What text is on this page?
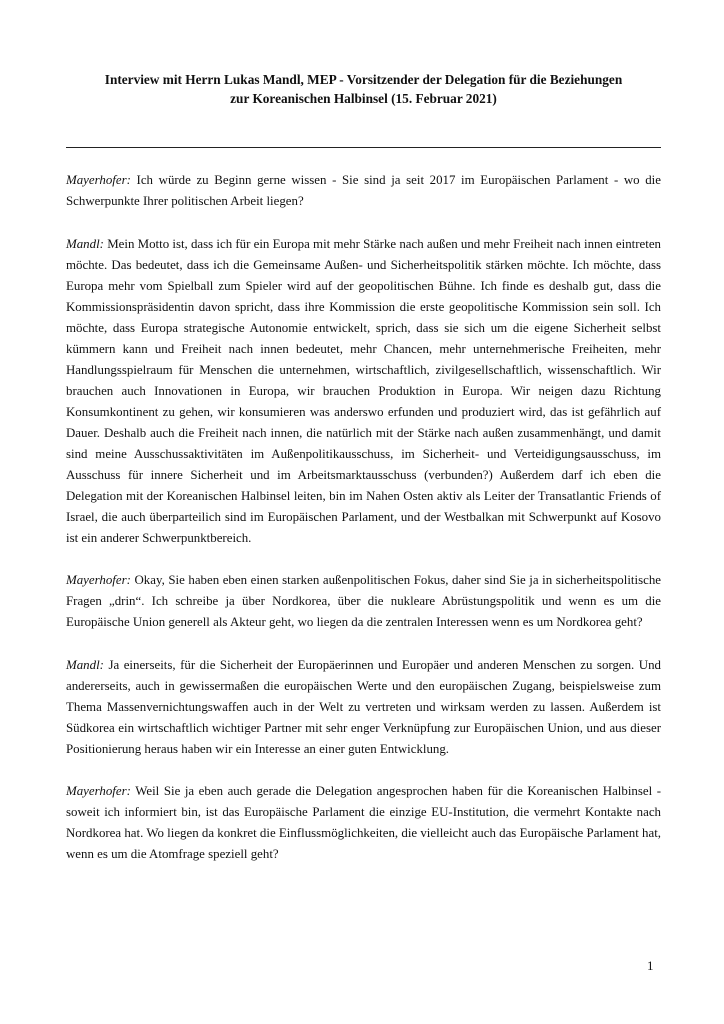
Interview mit Herrn Lukas Mandl, MEP - Vorsitzender der Delegation für die Beziehungen
zur Koreanischen Halbinsel (15. Februar 2021)

Mayerhofer: Ich würde zu Beginn gerne wissen - Sie sind ja seit 2017 im Europäischen Parlament - wo die Schwerpunkte Ihrer politischen Arbeit liegen?

Mandl: Mein Motto ist, dass ich für ein Europa mit mehr Stärke nach außen und mehr Freiheit nach innen eintreten möchte. Das bedeutet, dass ich die Gemeinsame Außen- und Sicherheitspolitik stärken möchte. Ich möchte, dass Europa mehr vom Spielball zum Spieler wird auf der geopolitischen Bühne. Ich finde es deshalb gut, dass die Kommissionspräsidentin davon spricht, dass ihre Kommission die erste geopolitische Kommission sein soll. Ich möchte, dass Europa strategische Autonomie entwickelt, sprich, dass sie sich um die eigene Sicherheit selbst kümmern kann und Freiheit nach innen bedeutet, mehr Chancen, mehr unternehmerische Freiheiten, mehr Handlungsspielraum für Menschen die unternehmen, wirtschaftlich, zivilgesellschaftlich, wissenschaftlich. Wir brauchen auch Innovationen in Europa, wir brauchen Produktion in Europa. Wir neigen dazu Richtung Konsumkontinent zu gehen, wir konsumieren was anderswo erfunden und produziert wird, das ist gefährlich auf Dauer. Deshalb auch die Freiheit nach innen, die natürlich mit der Stärke nach außen zusammenhängt, und damit sind meine Ausschussaktivitäten im Außenpolitikausschuss, im Sicherheit- und Verteidigungsausschuss, im Ausschuss für innere Sicherheit und im Arbeitsmarktausschuss (verbunden?) Außerdem darf ich eben die Delegation mit der Koreanischen Halbinsel leiten, bin im Nahen Osten aktiv als Leiter der Transatlantic Friends of Israel, die auch überparteilich sind im Europäischen Parlament, und der Westbalkan mit Schwerpunkt auf Kosovo ist ein anderer Schwerpunktbereich.

Mayerhofer: Okay, Sie haben eben einen starken außenpolitischen Fokus, daher sind Sie ja in sicherheitspolitische Fragen „drin“. Ich schreibe ja über Nordkorea, über die nukleare Abrüstungspolitik und wenn es um die Europäische Union generell als Akteur geht, wo liegen da die zentralen Interessen wenn es um Nordkorea geht?

Mandl: Ja einerseits, für die Sicherheit der Europäerinnen und Europäer und anderen Menschen zu sorgen. Und andererseits, auch in gewissermaßen die europäischen Werte und den europäischen Zugang, beispielsweise zum Thema Massenvernichtungswaffen auch in der Welt zu vertreten und wirksam werden zu lassen. Außerdem ist Südkorea ein wirtschaftlich wichtiger Partner mit sehr enger Verknüpfung zur Europäischen Union, und aus dieser Positionierung heraus haben wir ein Interesse an einer guten Entwicklung.

Mayerhofer: Weil Sie ja eben auch gerade die Delegation angesprochen haben für die Koreanischen Halbinsel - soweit ich informiert bin, ist das Europäische Parlament die einzige EU-Institution, die vermehrt Kontakte nach Nordkorea hat. Wo liegen da konkret die Einflussmöglichkeiten, die vielleicht auch das Europäische Parlament hat, wenn es um die Atomfrage speziell geht?

1
